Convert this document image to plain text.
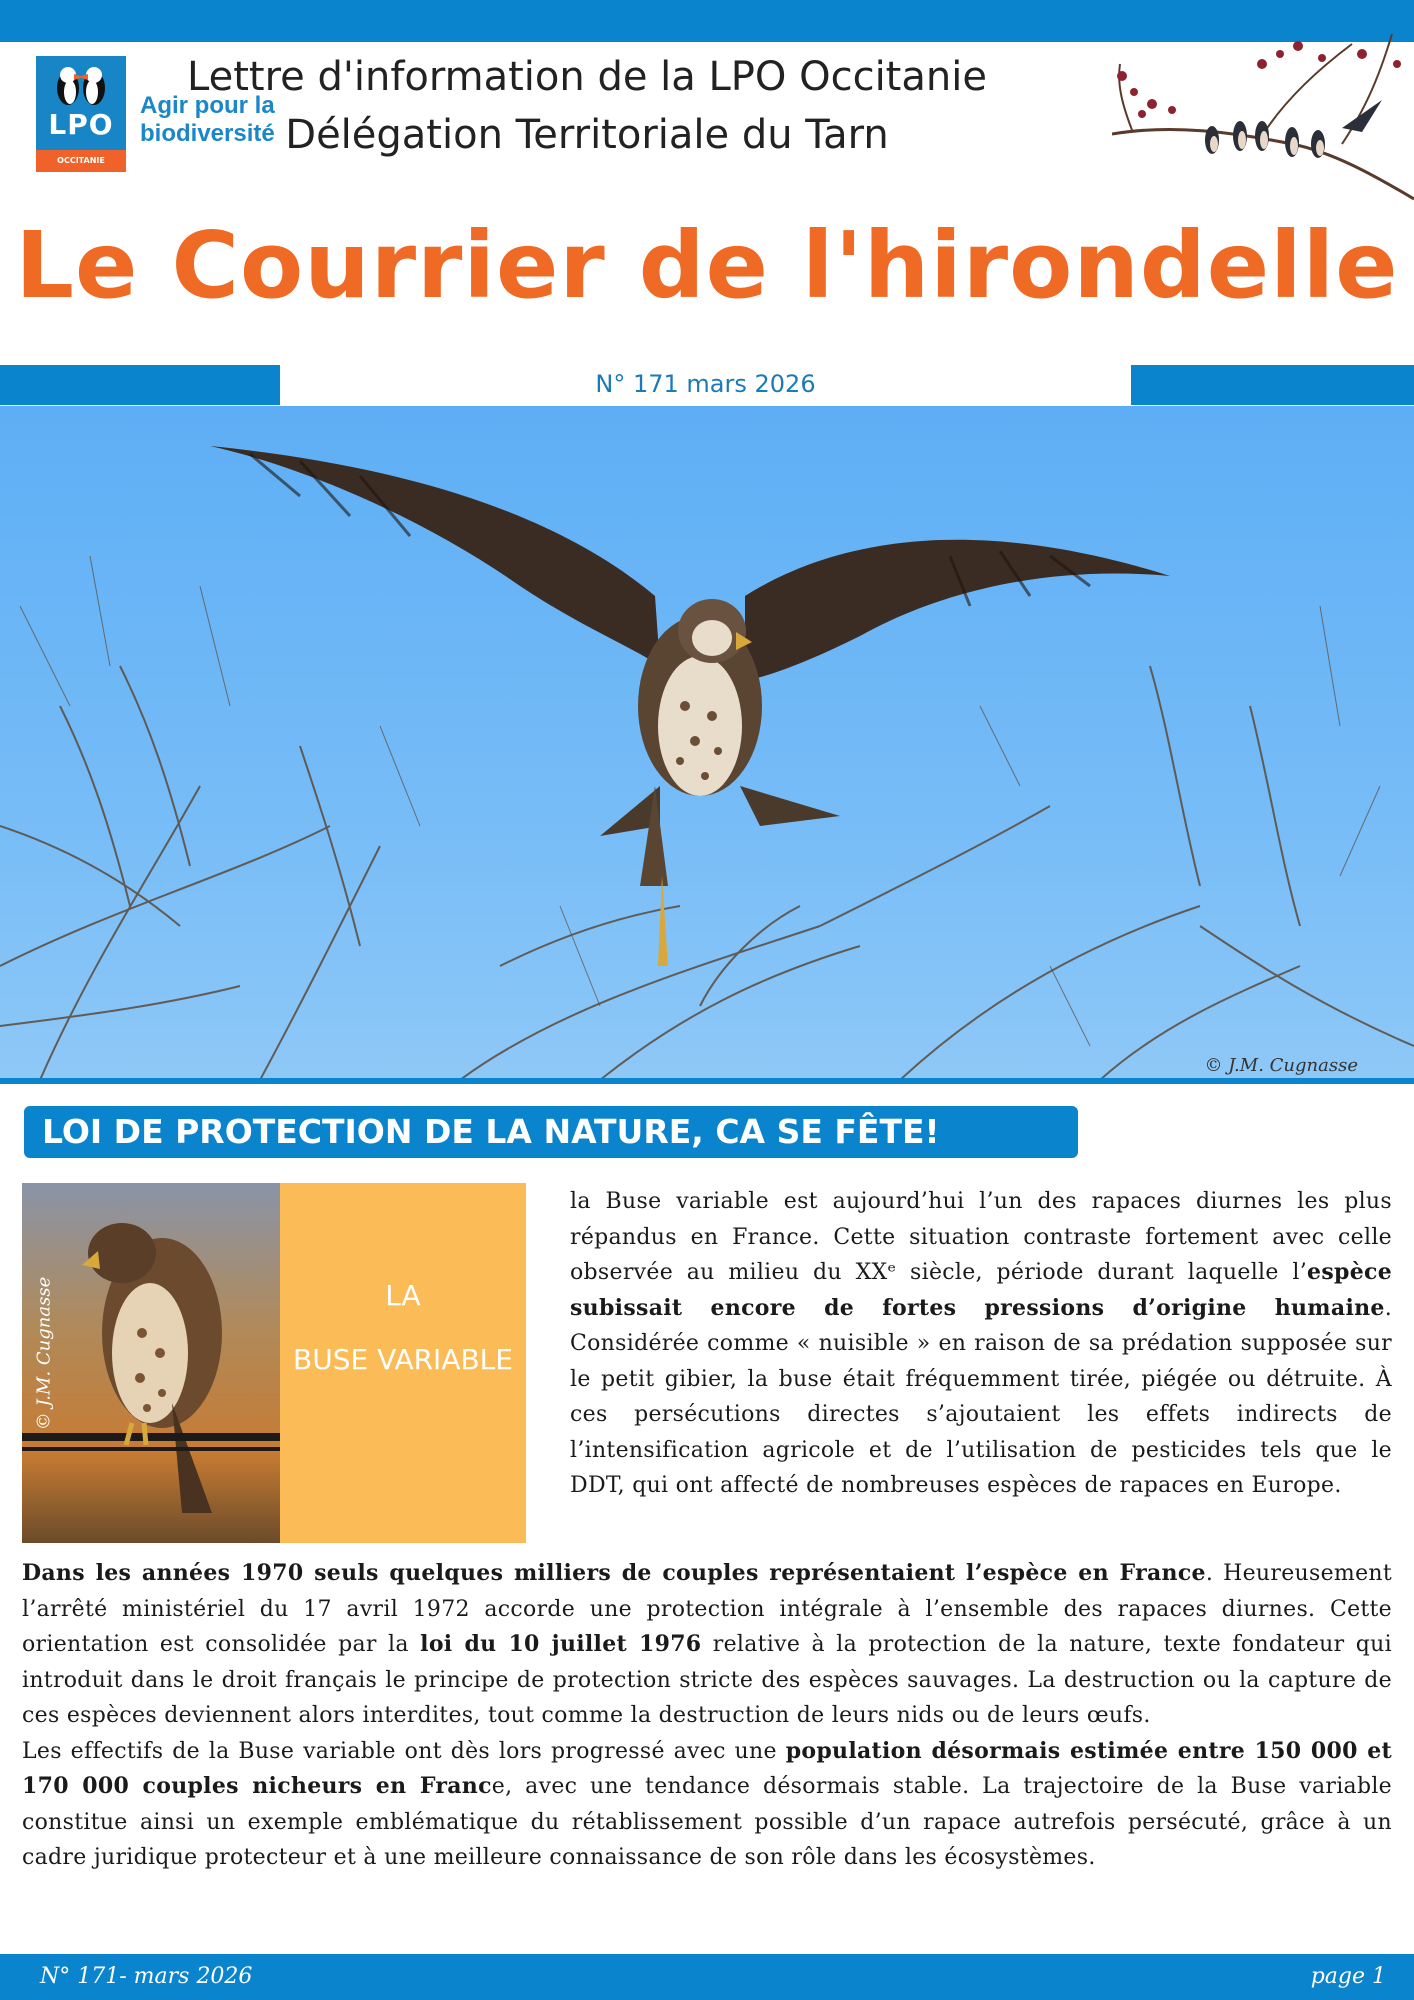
LPO
OCCITANIE
Agir pour la biodiversité
Lettre d'information de la LPO Occitanie
Délégation Territoriale du Tarn
Le Courrier de l'hirondelle
N° 171 mars 2026
© J.M. Cugnasse
LOI DE PROTECTION DE LA NATURE, CA SE FÊTE!
© J.M. Cugnasse	LA
BUSE VARIABLE
la Buse variable est aujourd’hui l’un des rapaces diurnes les plus répandus en France. Cette situation contraste fortement avec celle observée au milieu du XXᵉ siècle, période durant laquelle l’espèce subissait encore de fortes pressions d’origine humaine. Considérée comme « nuisible » en raison de sa prédation supposée sur le petit gibier, la buse était fréquemment tirée, piégée ou détruite. À ces persécutions directes s’ajoutaient les effets indirects de l’intensification agricole et de l’utilisation de pesticides tels que le DDT, qui ont affecté de nombreuses espèces de rapaces en Europe.

Dans les années 1970 seuls quelques milliers de couples représentaient l’espèce en France. Heureusement l’arrêté ministériel du 17 avril 1972 accorde une protection intégrale à l’ensemble des rapaces diurnes. Cette orientation est consolidée par la loi du 10 juillet 1976 relative à la protection de la nature, texte fondateur qui introduit dans le droit français le principe de protection stricte des espèces sauvages. La destruction ou la capture de ces espèces deviennent alors interdites, tout comme la destruction de leurs nids ou de leurs œufs.

Les effectifs de la Buse variable ont dès lors progressé avec une population désormais estimée entre 150 000 et 170 000 couples nicheurs en France, avec une tendance désormais stable. La trajectoire de la Buse variable constitue ainsi un exemple emblématique du rétablissement possible d’un rapace autrefois persécuté, grâce à un cadre juridique protecteur et à une meilleure connaissance de son rôle dans les écosystèmes.

N° 171- mars 2026	page 1
